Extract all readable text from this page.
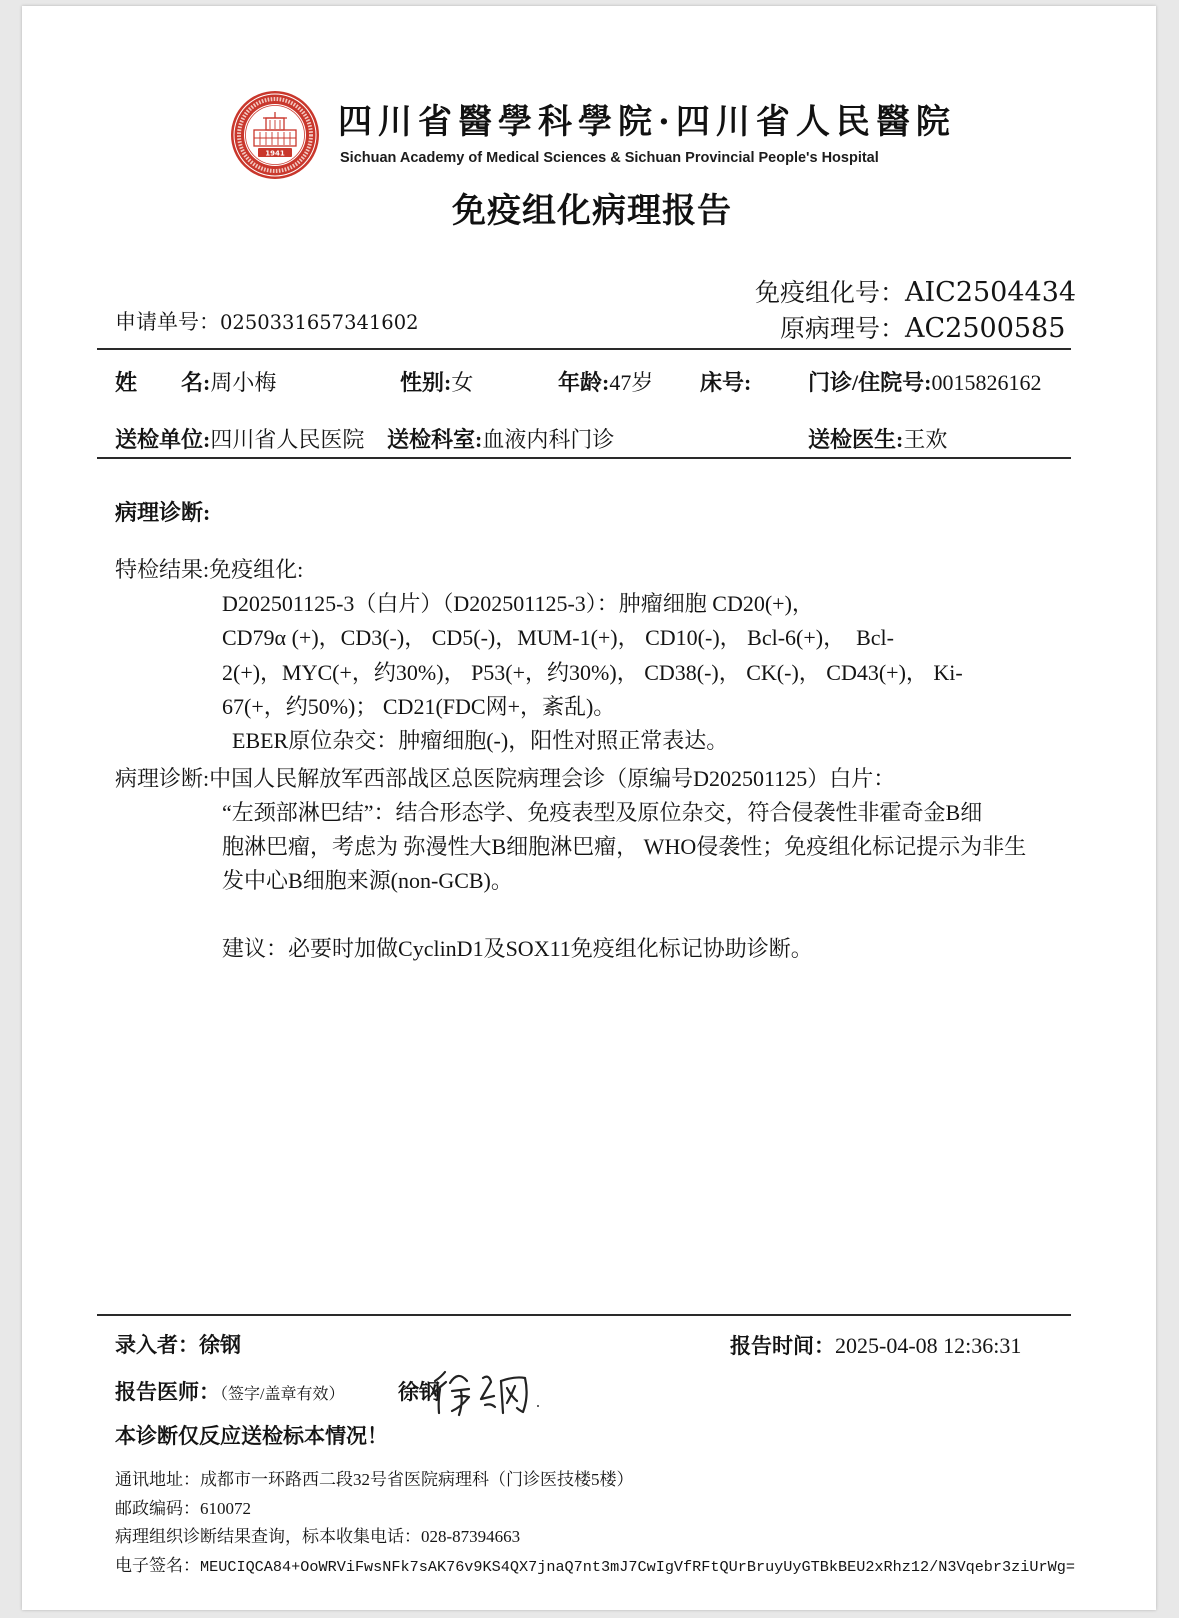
1941
四川省醫學科學院·四川省人民醫院
Sichuan Academy of Medical Sciences & Sichuan Provincial People's Hospital
免疫组化病理报告
免疫组化号： AIC2504434
原病理号： AC2500585
申请单号：0250331657341602
姓　　名:周小梅	性别:女	年龄:47岁 床号:	门诊/住院号:0015826162
送检单位:四川省人民医院 送检科室:血液内科门诊	送检医生:王欢
病理诊断:
特检结果:免疫组化:
D202501125-3（白片）（D202501125-3）：肿瘤细胞 CD20(+)，
CD79α (+)，CD3(-)， CD5(-)，MUM-1(+)， CD10(-)， Bcl-6(+)，  Bcl-
2(+)，MYC(+，约30%)， P53(+，约30%)， CD38(-)， CK(-)， CD43(+)， Ki-
67(+，约50%)； CD21(FDC网+，紊乱)。
EBER原位杂交：肿瘤细胞(-)，阳性对照正常表达。
病理诊断:中国人民解放军西部战区总医院病理会诊（原编号D202501125）白片：
“左颈部淋巴结”：结合形态学、免疫表型及原位杂交，符合侵袭性非霍奇金B细
胞淋巴瘤，考虑为 弥漫性大B细胞淋巴瘤， WHO侵袭性；免疫组化标记提示为非生
发中心B细胞来源(non-GCB)。
建议：必要时加做CyclinD1及SOX11免疫组化标记协助诊断。
录入者：徐钢	报告时间：2025-04-08 12:36:31
报告医师：（签字/盖章有效）	徐钢
本诊断仅反应送检标本情况！
通讯地址：成都市一环路西二段32号省医院病理科（门诊医技楼5楼）
邮政编码：610072
病理组织诊断结果查询，标本收集电话：028-87394663
电子签名：MEUCIQCA84+OoWRViFwsNFk7sAK76v9KS4QX7jnaQ7nt3mJ7CwIgVfRFtQUrBruyUyGTBkBEU2xRhz12/N3Vqebr3ziUrWg=
